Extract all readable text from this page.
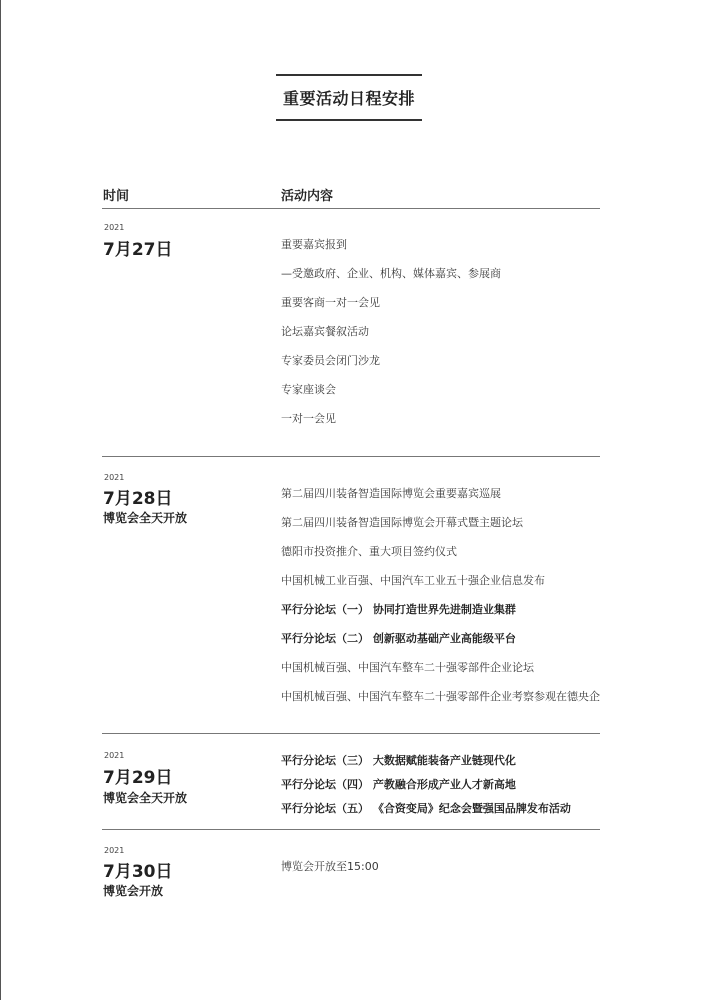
重要活动日程安排
时间	活动内容
2021
7月27日	重要嘉宾报到
—受邀政府、企业、机构、媒体嘉宾、参展商
重要客商一对一会见
论坛嘉宾餐叙活动
专家委员会闭门沙龙
专家座谈会
一对一会见
2021
7月28日
博览会全天开放
第二届四川装备智造国际博览会重要嘉宾巡展
第二届四川装备智造国际博览会开幕式暨主题论坛
德阳市投资推介、重大项目签约仪式
中国机械工业百强、中国汽车工业五十强企业信息发布
平行分论坛（一） 协同打造世界先进制造业集群
平行分论坛（二） 创新驱动基础产业高能级平台
中国机械百强、中国汽车整车二十强零部件企业论坛
中国机械百强、中国汽车整车二十强零部件企业考察参观在德央企
2021
7月29日
博览会全天开放
平行分论坛（三） 大数据赋能装备产业链现代化
平行分论坛（四） 产教融合形成产业人才新高地
平行分论坛（五） 《合资变局》纪念会暨强国品牌发布活动
2021
7月30日
博览会开放
博览会开放至15:00
